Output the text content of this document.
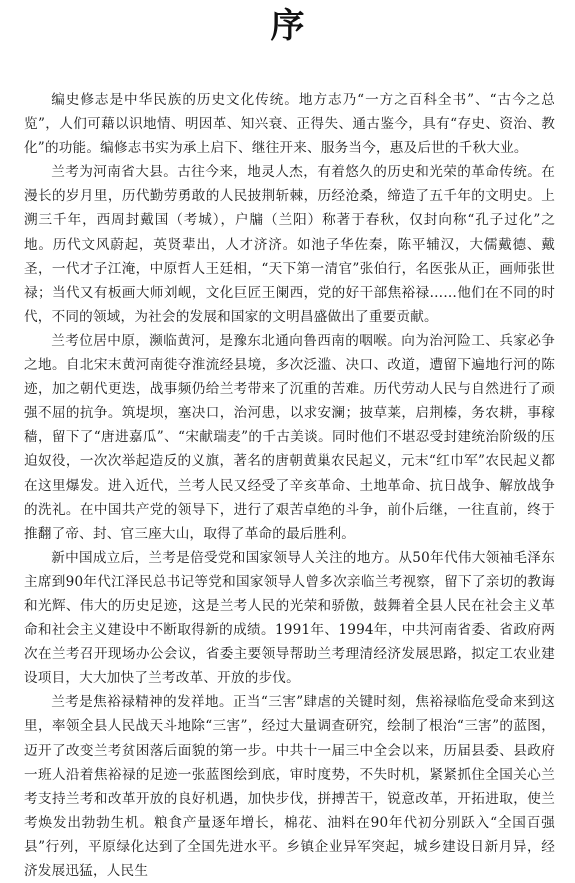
序

编史修志是中华民族的历史文化传统。地方志乃“一方之百科全书”、“古今之总览”，人们可藉以识地情、明因革、知兴衰、正得失、通古鉴今，具有“存史、资治、教化”的功能。编修志书实为承上启下、继往开来、服务当今，惠及后世的千秋大业。

兰考为河南省大县。古往今来，地灵人杰，有着悠久的历史和光荣的革命传统。在漫长的岁月里，历代勤劳勇敢的人民披荆斩棘，历经沧桑，缔造了五千年的文明史。上溯三千年，西周封戴国（考城），户牖（兰阳）称著于春秋，仅封向称“孔子过化”之地。历代文风蔚起，英贤辈出，人才济济。如池子华佐秦，陈平辅汉，大儒戴德、戴圣，一代才子江淹，中原哲人王廷相，“天下第一清官”张伯行，名医张从正，画师张世禄；当代又有板画大师刘岘，文化巨匠王阑西，党的好干部焦裕禄……他们在不同的时代，不同的领域，为社会的发展和国家的文明昌盛做出了重要贡献。

兰考位居中原，濒临黄河，是豫东北通向鲁西南的咽喉。向为治河险工、兵家必争之地。自北宋末黄河南徙夺淮流经县境，多次泛滥、决口、改道，遭留下遍地行河的陈迹，加之朝代更迭，战事频仍给兰考带来了沉重的苦难。历代劳动人民与自然进行了顽强不屈的抗争。筑堤坝，塞决口，治河患，以求安澜；披草莱，启荆榛，务农耕，事稼穑，留下了“唐进嘉瓜”、“宋献瑞麦”的千古美谈。同时他们不堪忍受封建统治阶级的压迫奴役，一次次举起造反的义旗，著名的唐朝黄巢农民起义，元末“红巾军”农民起义都在这里爆发。进入近代，兰考人民又经受了辛亥革命、土地革命、抗日战争、解放战争的洗礼。在中国共产党的领导下，进行了艰苦卓绝的斗争，前仆后继，一往直前，终于推翻了帝、封、官三座大山，取得了革命的最后胜利。

新中国成立后，兰考是倍受党和国家领导人关注的地方。从50年代伟大领袖毛泽东主席到90年代江泽民总书记等党和国家领导人曾多次亲临兰考视察，留下了亲切的教诲和光辉、伟大的历史足迹，这是兰考人民的光荣和骄傲，鼓舞着全县人民在社会主义革命和社会主义建设中不断取得新的成绩。1991年、1994年，中共河南省委、省政府两次在兰考召开现场办公会议，省委主要领导帮助兰考理清经济发展思路，拟定工农业建设项目，大大加快了兰考改革、开放的步伐。

兰考是焦裕禄精神的发祥地。正当“三害”肆虐的关键时刻，焦裕禄临危受命来到这里，率领全县人民战天斗地除“三害”，经过大量调查研究，绘制了根治“三害”的蓝图，迈开了改变兰考贫困落后面貌的第一步。中共十一届三中全会以来，历届县委、县政府一班人沿着焦裕禄的足迹一张蓝图绘到底，审时度势，不失时机，紧紧抓住全国关心兰考支持兰考和改革开放的良好机遇，加快步伐，拼搏苦干，锐意改革，开拓进取，使兰考焕发出勃勃生机。粮食产量逐年增长，棉花、油料在90年代初分别跃入“全国百强县”行列，平原绿化达到了全国先进水平。乡镇企业异军突起，城乡建设日新月异，经济发展迅猛，人民生
